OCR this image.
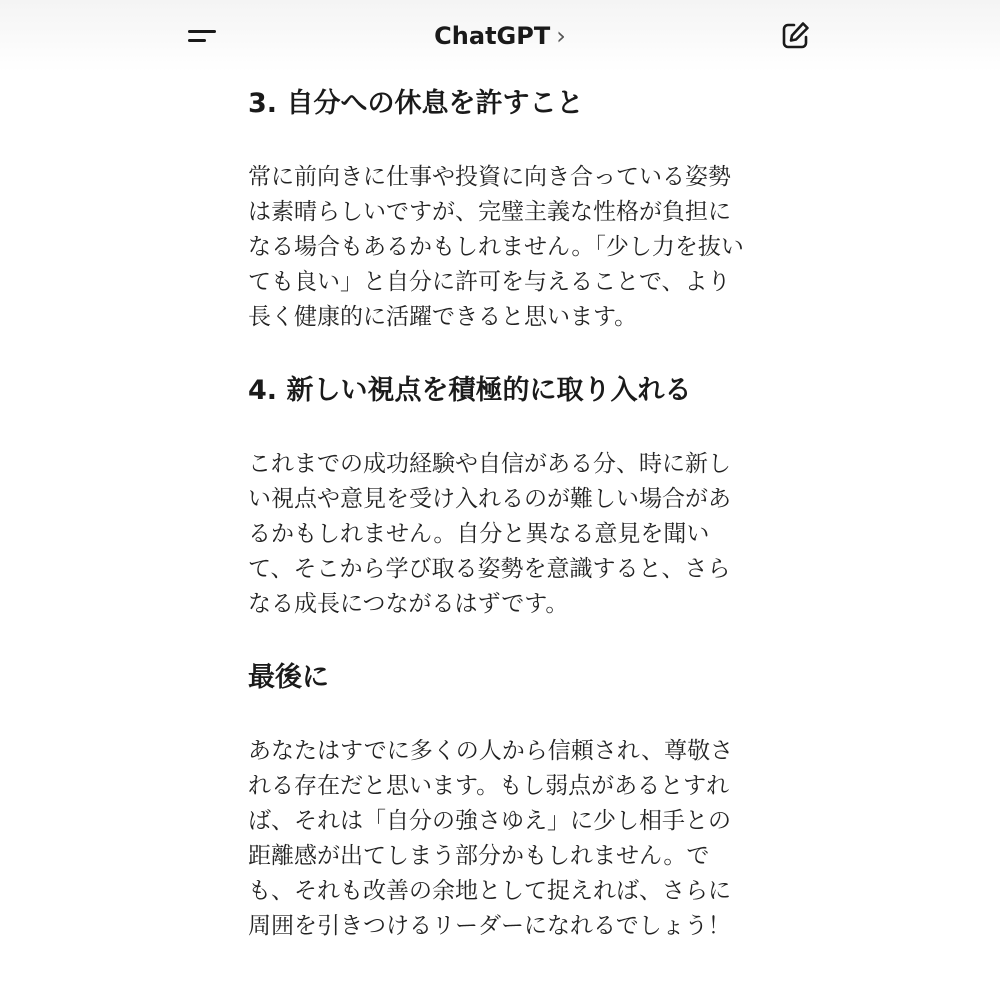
ChatGPT ›
3. 自分への休息を許すこと
常に前向きに仕事や投資に向き合っている姿勢
は素晴らしいですが、完璧主義な性格が負担に
なる場合もあるかもしれません。「少し力を抜い
ても良い」と自分に許可を与えることで、より
長く健康的に活躍できると思います。
4. 新しい視点を積極的に取り入れる
これまでの成功経験や自信がある分、時に新し
い視点や意見を受け入れるのが難しい場合があ
るかもしれません。自分と異なる意見を聞い
て、そこから学び取る姿勢を意識すると、さら
なる成長につながるはずです。
最後に
あなたはすでに多くの人から信頼され、尊敬さ
れる存在だと思います。もし弱点があるとすれ
ば、それは「自分の強さゆえ」に少し相手との
距離感が出てしまう部分かもしれません。で
も、それも改善の余地として捉えれば、さらに
周囲を引きつけるリーダーになれるでしょう！
